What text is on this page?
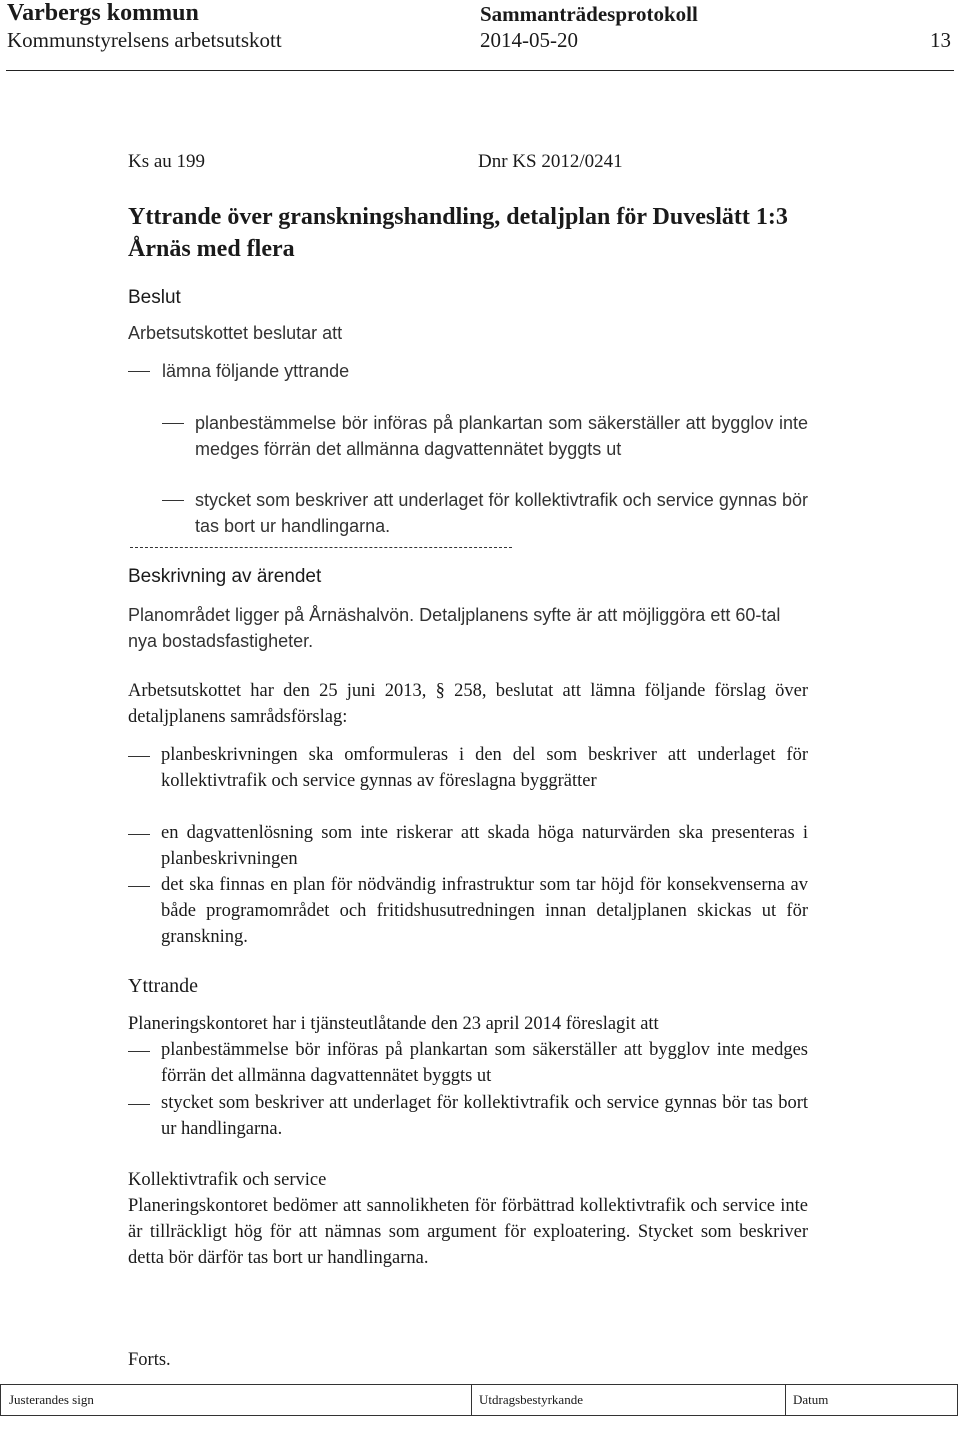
Varbergs kommun	Sammanträdesprotokoll
Kommunstyrelsens arbetsutskott	2014-05-20	13
Ks au 199	Dnr KS 2012/0241
Yttrande över granskningshandling, detaljplan för Duveslätt 1:3 Årnäs med flera
Beslut
Arbetsutskottet beslutar att
lämna följande yttrande
planbestämmelse bör införas på plankartan som säkerställer att bygglov inte medges förrän det allmänna dagvattennätet byggts ut
stycket som beskriver att underlaget för kollektivtrafik och service gynnas bör tas bort ur handlingarna.
Beskrivning av ärendet
Planområdet ligger på Årnäshalvön. Detaljplanens syfte är att möjliggöra ett 60-tal nya bostadsfastigheter.
Arbetsutskottet har den 25 juni 2013, § 258, beslutat att lämna följande förslag över detaljplanens samrådsförslag:
planbeskrivningen ska omformuleras i den del som beskriver att underlaget för kollektivtrafik och service gynnas av föreslagna byggrätter
en dagvattenlösning som inte riskerar att skada höga naturvärden ska presenteras i planbeskrivningen
det ska finnas en plan för nödvändig infrastruktur som tar höjd för konsekvenserna av både programområdet och fritidshusutredningen innan detaljplanen skickas ut för granskning.
Yttrande
Planeringskontoret har i tjänsteutlåtande den 23 april 2014 föreslagit att
planbestämmelse bör införas på plankartan som säkerställer att bygglov inte medges förrän det allmänna dagvattennätet byggts ut
stycket som beskriver att underlaget för kollektivtrafik och service gynnas bör tas bort ur handlingarna.
Kollektivtrafik och service
Planeringskontoret bedömer att sannolikheten för förbättrad kollektivtrafik och service inte är tillräckligt hög för att nämnas som argument för exploatering. Stycket som beskriver detta bör därför tas bort ur handlingarna.
Forts.
Justerandes sign	Utdragsbestyrkande	Datum
